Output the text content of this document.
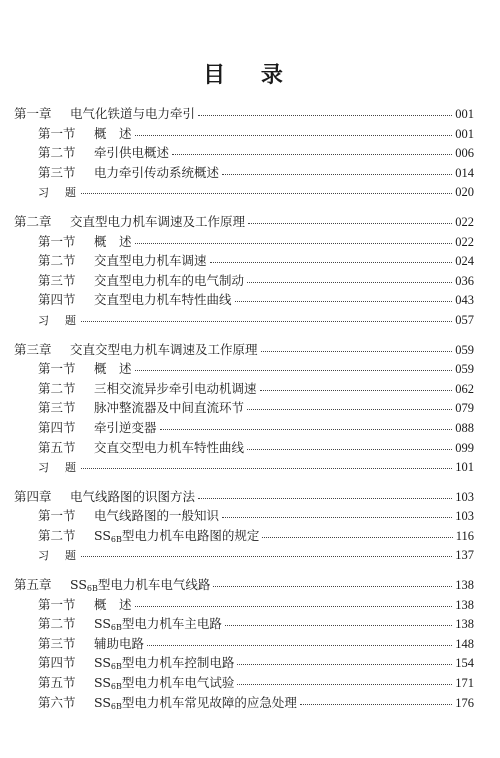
目 录
第一章	电气化铁道与电力牵引	001
第一节	概　述	001
第二节	牵引供电概述	006
第三节	电力牵引传动系统概述	014
习题	020
第二章	交直型电力机车调速及工作原理	022
第一节	概　述	022
第二节	交直型电力机车调速	024
第三节	交直型电力机车的电气制动	036
第四节	交直型电力机车特性曲线	043
习题	057
第三章	交直交型电力机车调速及工作原理	059
第一节	概　述	059
第二节	三相交流异步牵引电动机调速	062
第三节	脉冲整流器及中间直流环节	079
第四节	牵引逆变器	088
第五节	交直交型电力机车特性曲线	099
习题	101
第四章	电气线路图的识图方法	103
第一节	电气线路图的一般知识	103
第二节	$SS_{6B}$型电力机车电路图的规定	116
习题	137
第五章	$SS_{6B}$型电力机车电气线路	138
第一节	概　述	138
第二节	$SS_{6B}$型电力机车主电路	138
第三节	辅助电路	148
第四节	$SS_{6B}$型电力机车控制电路	154
第五节	$SS_{6B}$型电力机车电气试验	171
第六节	$SS_{6B}$型电力机车常见故障的应急处理	176
